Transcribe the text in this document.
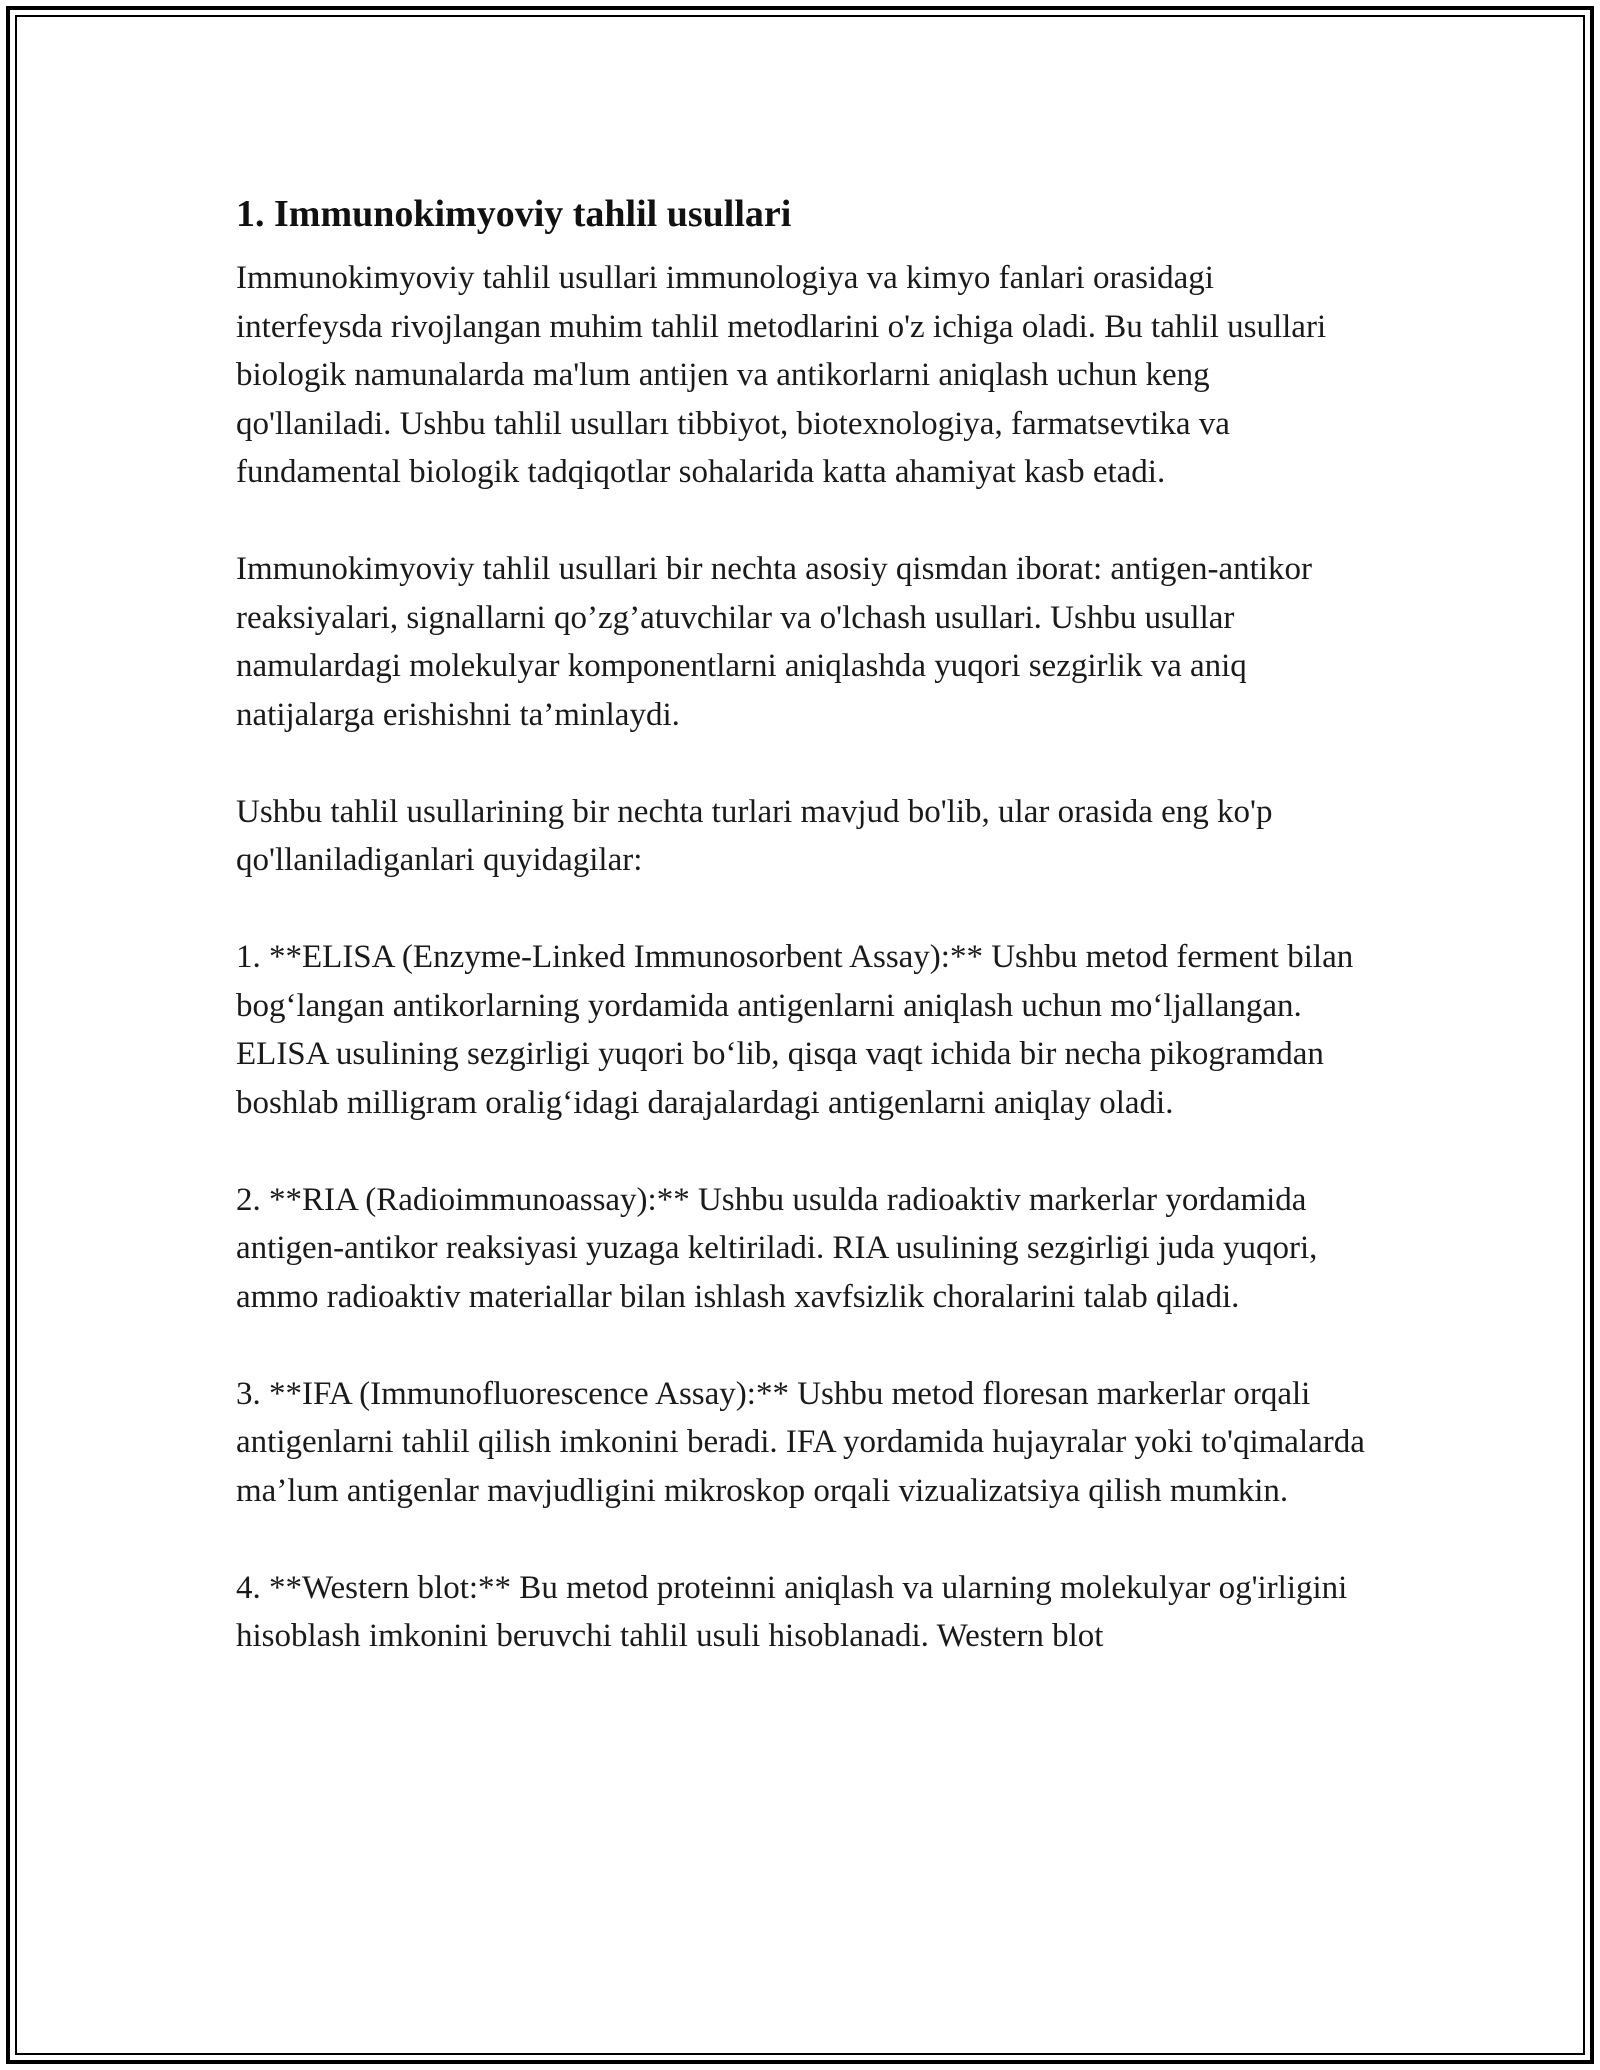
1. Immunokimyoviy tahlil usullari

Immunokimyoviy tahlil usullari immunologiya va kimyo fanlari orasidagi interfeysda rivojlangan muhim tahlil metodlarini o'z ichiga oladi. Bu tahlil usullari biologik namunalarda ma'lum antijen va antikorlarni aniqlash uchun keng qo'llaniladi. Ushbu tahlil usulları tibbiyot, biotexnologiya, farmatsevtika va fundamental biologik tadqiqotlar sohalarida katta ahamiyat kasb etadi.

Immunokimyoviy tahlil usullari bir nechta asosiy qismdan iborat: antigen-antikor reaksiyalari, signallarni qo’zg’atuvchilar va o'lchash usullari. Ushbu usullar namulardagi molekulyar komponentlarni aniqlashda yuqori sezgirlik va aniq natijalarga erishishni ta’minlaydi.

Ushbu tahlil usullarining bir nechta turlari mavjud bo'lib, ular orasida eng ko'p qo'llaniladiganlari quyidagilar:

1. **ELISA (Enzyme-Linked Immunosorbent Assay):** Ushbu metod ferment bilan bog‘langan antikorlarning yordamida antigenlarni aniqlash uchun mo‘ljallangan. ELISA usulining sezgirligi yuqori bo‘lib, qisqa vaqt ichida bir necha pikogramdan boshlab milligram oralig‘idagi darajalardagi antigenlarni aniqlay oladi.

2. **RIA (Radioimmunoassay):** Ushbu usulda radioaktiv markerlar yordamida antigen-antikor reaksiyasi yuzaga keltiriladi. RIA usulining sezgirligi juda yuqori, ammo radioaktiv materiallar bilan ishlash xavfsizlik choralarini talab qiladi.

3. **IFA (Immunofluorescence Assay):** Ushbu metod floresan markerlar orqali antigenlarni tahlil qilish imkonini beradi. IFA yordamida hujayralar yoki to'qimalarda ma’lum antigenlar mavjudligini mikroskop orqali vizualizatsiya qilish mumkin.

4. **Western blot:** Bu metod proteinni aniqlash va ularning molekulyar og'irligini hisoblash imkonini beruvchi tahlil usuli hisoblanadi. Western blot
